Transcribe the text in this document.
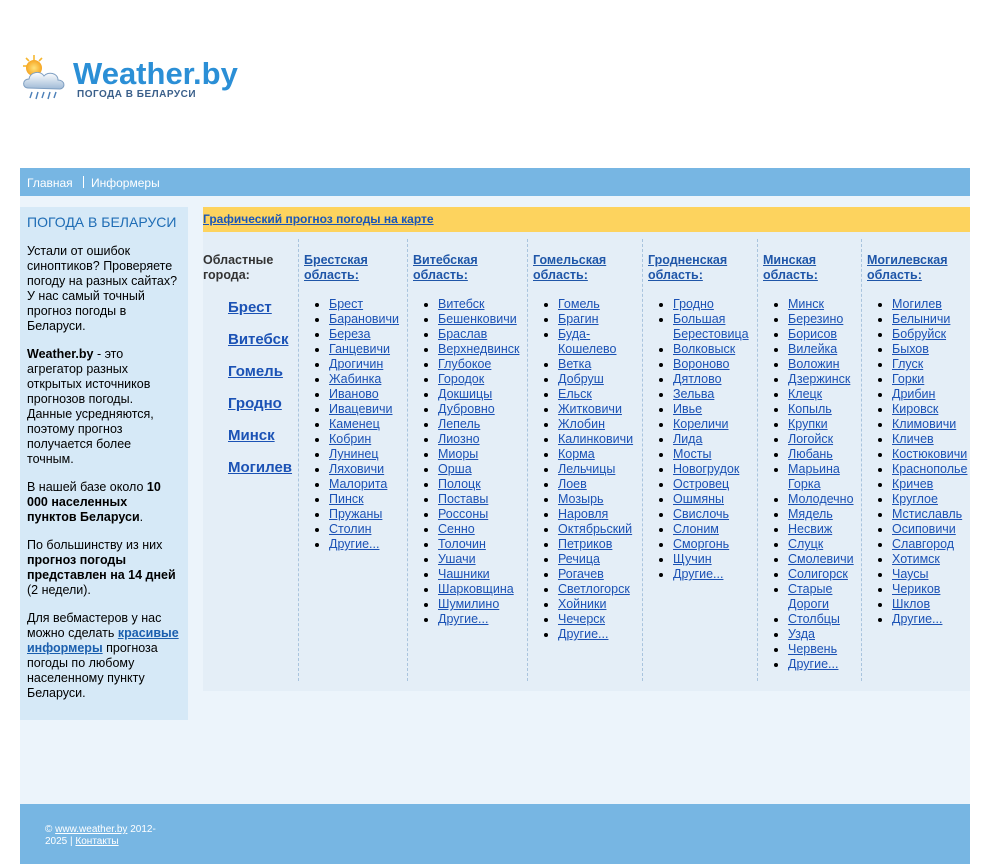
Weather.by
ПОГОДА В БЕЛАРУСИ
Главная Информеры
ПОГОДА В БЕЛАРУСИ

Устали от ошибок синоптиков? Проверяете погоду на разных сайтах? У нас самый точный прогноз погоды в Беларуси.

Weather.by - это агрегатор разных открытых источников прогнозов погоды. Данные усредняются, поэтому прогноз получается более точным.

В нашей базе около 10 000 населенных пунктов Беларуси.

По большинству из них прогноз погоды представлен на 14 дней (2 недели).

Для вебмастеров у нас можно сделать красивые информеры прогноза погоды по любому населенному пункту Беларуси.

Графический прогноз погоды на карте
Областные города:
Брест
Витебск
Гомель
Гродно
Минск
Могилев
Брестская область:
• Брест
• Барановичи
• Береза
• Ганцевичи
• Дрогичин
• Жабинка
• Иваново
• Ивацевичи
• Каменец
• Кобрин
• Лунинец
• Ляховичи
• Малорита
• Пинск
• Пружаны
• Столин
• Другие...
Витебская область:
• Витебск
• Бешенковичи
• Браслав
• Верхнедвинск
• Глубокое
• Городок
• Докшицы
• Дубровно
• Лепель
• Лиозно
• Миоры
• Орша
• Полоцк
• Поставы
• Россоны
• Сенно
• Толочин
• Ушачи
• Чашники
• Шарковщина
• Шумилино
• Другие...
Гомельская область:
• Гомель
• Брагин
• Буда-Кошелево
• Ветка
• Добруш
• Ельск
• Житковичи
• Жлобин
• Калинковичи
• Корма
• Лельчицы
• Лоев
• Мозырь
• Наровля
• Октябрьский
• Петриков
• Речица
• Рогачев
• Светлогорск
• Хойники
• Чечерск
• Другие...
Гродненская область:
• Гродно
• Большая Берестовица
• Волковыск
• Вороново
• Дятлово
• Зельва
• Ивье
• Кореличи
• Лида
• Мосты
• Новогрудок
• Островец
• Ошмяны
• Свислочь
• Слоним
• Сморгонь
• Щучин
• Другие...
Минская область:
• Минск
• Березино
• Борисов
• Вилейка
• Воложин
• Дзержинск
• Клецк
• Копыль
• Крупки
• Логойск
• Любань
• Марьина Горка
• Молодечно
• Мядель
• Несвиж
• Слуцк
• Смолевичи
• Солигорск
• Старые Дороги
• Столбцы
• Узда
• Червень
• Другие...
Могилевская область:
• Могилев
• Белыничи
• Бобруйск
• Быхов
• Глуск
• Горки
• Дрибин
• Кировск
• Климовичи
• Кличев
• Костюковичи
• Краснополье
• Кричев
• Круглое
• Мстиславль
• Осиповичи
• Славгород
• Хотимск
• Чаусы
• Чериков
• Шклов
• Другие...
© www.weather.by 2012-2025 | Контакты
